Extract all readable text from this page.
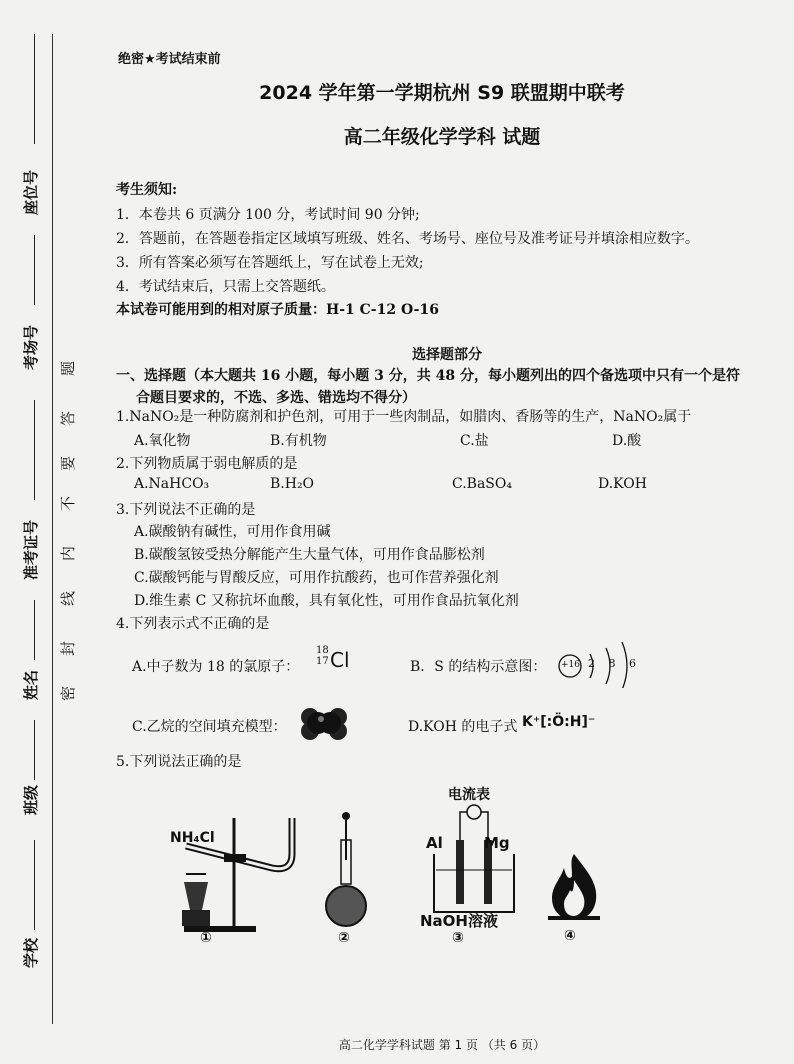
座位号
考场号
准考证号
姓名
班级
学校
密
封
线
内
不
要
答
题
绝密★考试结束前
2024 学年第一学期杭州 S9 联盟期中联考
高二年级化学学科 试题
考生须知:
1．本卷共 6 页满分 100 分，考试时间 90 分钟;
2．答题前，在答题卷指定区域填写班级、姓名、考场号、座位号及准考证号并填涂相应数字。
3．所有答案必须写在答题纸上，写在试卷上无效;
4．考试结束后，只需上交答题纸。
本试卷可能用到的相对原子质量：H-1 C-12 O-16
选择题部分
一、选择题（本大题共 16 小题，每小题 3 分，共 48 分，每小题列出的四个备选项中只有一个是符
合题目要求的，不选、多选、错选均不得分）
1.NaNO₂是一种防腐剂和护色剂，可用于一些肉制品，如腊肉、香肠等的生产，NaNO₂属于
A.氧化物	B.有机物	C.盐	D.酸
2.下列物质属于弱电解质的是
A.NaHCO₃	B.H₂O	C.BaSO₄	D.KOH
3.下列说法不正确的是
A.碳酸钠有碱性，可用作食用碱
B.碳酸氢铵受热分解能产生大量气体，可用作食品膨松剂
C.碳酸钙能与胃酸反应，可用作抗酸药，也可作营养强化剂
D.维生素 C 又称抗坏血酸，具有氧化性，可用作食品抗氧化剂
4.下列表示式不正确的是
A.中子数为 18 的氯原子：
18
17 Cl	B．S 的结构示意图： +16 2 8 6
C.乙烷的空间填充模型：	D.KOH 的电子式 K⁺[:Ö:H]⁻
5.下列说法正确的是
NH₄Cl
①	②
电流表
Al	Mg
NaOH溶液
③	④
高二化学学科试题 第 1 页 （共 6 页）
